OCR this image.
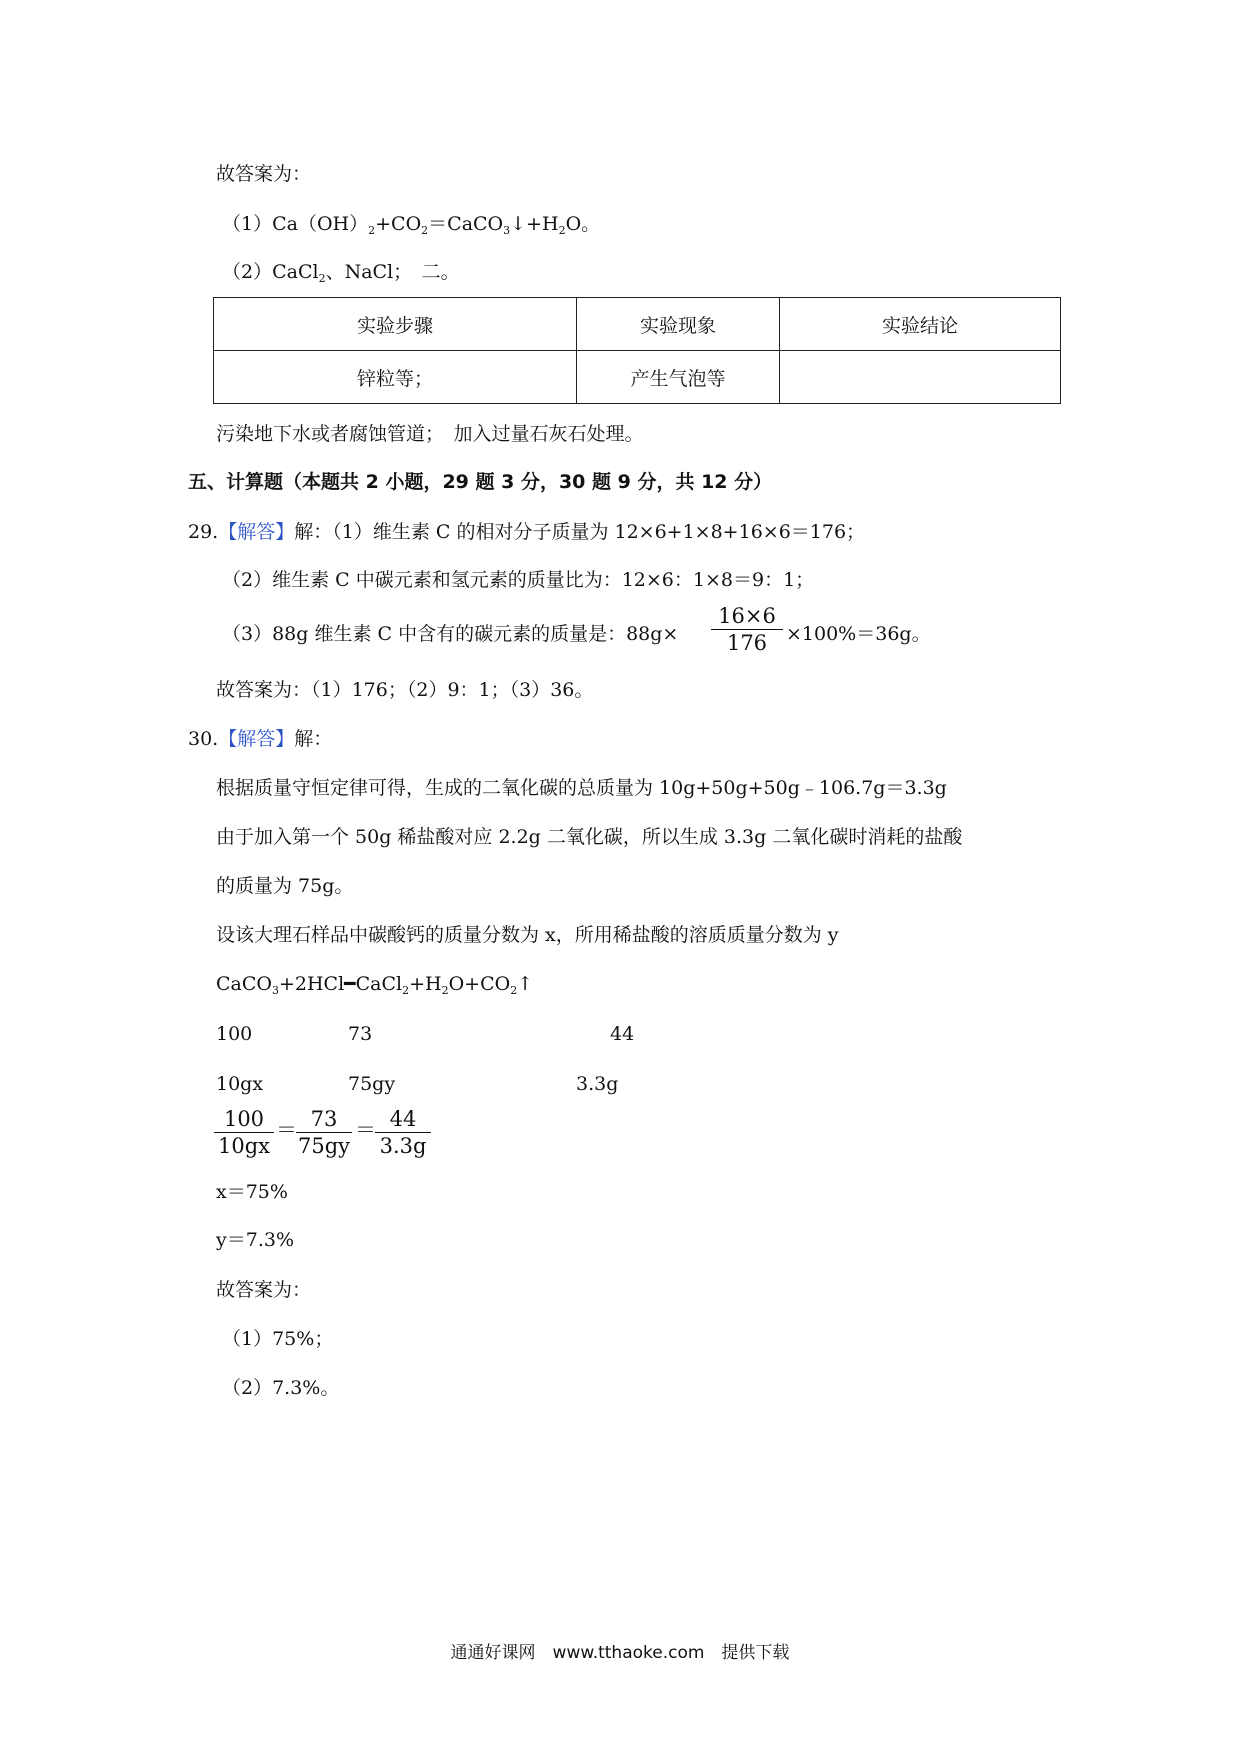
故答案为：
$(1)Ca(OH)_2+CO_2=CaCO_3↓+H_2O$。
（2）CaCl$_2$、NaCl；　二。
实验步骤	实验现象	实验结论
锌粒等；	产生气泡等	
污染地下水或者腐蚀管道；　加入过量石灰石处理。
五、计算题（本题共 2 小题，29 题 3 分，30 题 9 分，共 12 分）
29.【解答】解：（1）维生素 C 的相对分子质量为 12×6+1×8+16×6＝176；
（2）维生素 C 中碳元素和氢元素的质量比为：12×6：1×8＝9：1；
（3）88g 维生素 C 中含有的碳元素的质量是：$88g\times \frac{16\times 6}{176} \times 100\%=36g$。
故答案为：（1）176；（2）9：1；（3）36。
30.【解答】解：
根据质量守恒定律可得，生成的二氧化碳的总质量为 10g+50g+50g﹣106.7g＝3.3g
由于加入第一个 50g 稀盐酸对应 2.2g 二氧化碳，所以生成 3.3g 二氧化碳时消耗的盐酸
的质量为 75g。
设该大理石样品中碳酸钙的质量分数为 x，所用稀盐酸的溶质质量分数为 y
$CaCO_3+2HCl━CaCl_2+H_2O+CO_2↑$
100	73	44
10gx	75gy	3.3g
$\frac{100}{10gx} = \frac{73}{75gy} = \frac{44}{3.3g}$
x＝75%
y＝7.3%
故答案为：
（1）75%；
（2）7.3%。
通通好课网　www.tthaoke.com　提供下载
